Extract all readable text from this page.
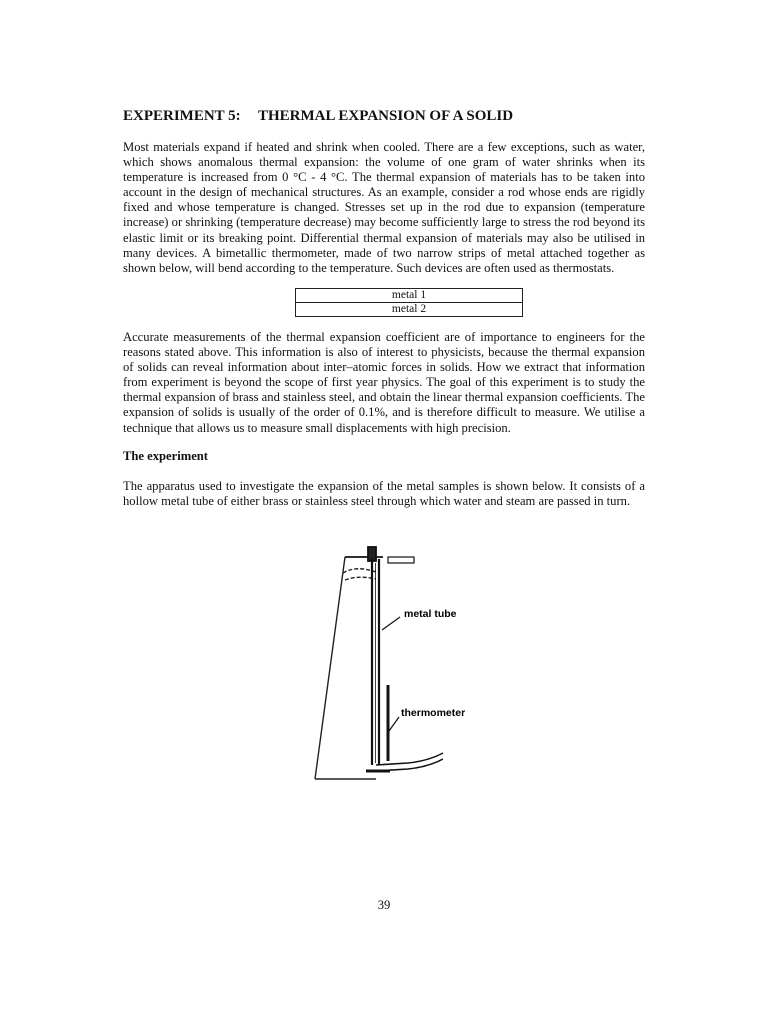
EXPERIMENT 5: THERMAL EXPANSION OF A SOLID

Most materials expand if heated and shrink when cooled. There are a few exceptions, such as water, which shows anomalous thermal expansion: the volume of one gram of water shrinks when its temperature is increased from 0 °C - 4 °C. The thermal expansion of materials has to be taken into account in the design of mechanical structures. As an example, consider a rod whose ends are rigidly fixed and whose temperature is changed. Stresses set up in the rod due to expansion (temperature increase) or shrinking (temperature decrease) may become sufficiently large to stress the rod beyond its elastic limit or its breaking point. Differential thermal expansion of materials may also be utilised in many devices. A bimetallic thermometer, made of two narrow strips of metal attached together as shown below, will bend according to the temperature. Such devices are often used as thermostats.

metal 1
metal 2

Accurate measurements of the thermal expansion coefficient are of importance to engineers for the reasons stated above. This information is also of interest to physicists, because the thermal expansion of solids can reveal information about inter–atomic forces in solids. How we extract that information from experiment is beyond the scope of first year physics. The goal of this experiment is to study the thermal expansion of brass and stainless steel, and obtain the linear thermal expansion coefficients. The expansion of solids is usually of the order of 0.1%, and is therefore difficult to measure. We utilise a technique that allows us to measure small displacements with high precision.

The experiment

The apparatus used to investigate the expansion of the metal samples is shown below. It consists of a hollow metal tube of either brass or stainless steel through which water and steam are passed in turn.

metal tube
thermometer
39
